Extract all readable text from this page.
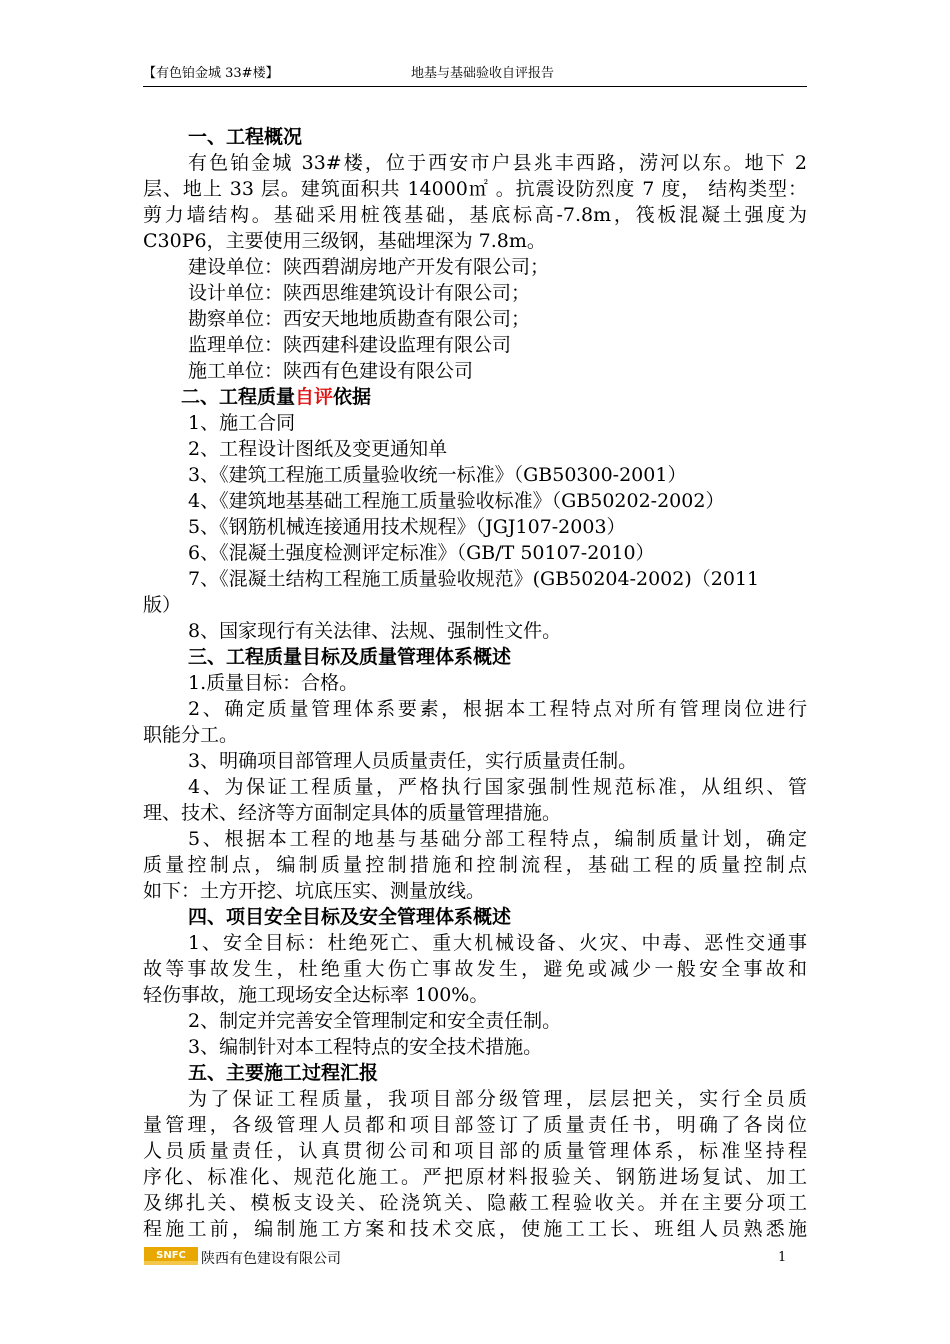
【有色铂金城 33#楼】	地基与基础验收自评报告

一、工程概况

有色铂金城 33#楼，位于西安市户县兆丰西路，涝河以东。地下 2

层、地上 33 层。建筑面积共 14000㎡ 。抗震设防烈度 7 度， 结构类型：

剪力墙结构。基础采用桩筏基础，基底标高-7.8m，筏板混凝土强度为

C30P6，主要使用三级钢，基础埋深为 7.8m。

建设单位：陕西碧湖房地产开发有限公司；

设计单位：陕西思维建筑设计有限公司；

勘察单位：西安天地地质勘查有限公司；

监理单位：陕西建科建设监理有限公司

施工单位：陕西有色建设有限公司

二、工程质量自评依据

1、施工合同

2、工程设计图纸及变更通知单

3、《建筑工程施工质量验收统一标准》（GB50300-2001）

4、《建筑地基基础工程施工质量验收标准》（GB50202-2002）

5、《钢筋机械连接通用技术规程》（JGJ107-2003）

6、《混凝土强度检测评定标准》（GB/T 50107-2010）

7、《混凝土结构工程施工质量验收规范》(GB50204-2002)（2011

版）

8、国家现行有关法律、法规、强制性文件。

三、工程质量目标及质量管理体系概述

1.质量目标：合格。

2、确定质量管理体系要素，根据本工程特点对所有管理岗位进行

职能分工。

3、明确项目部管理人员质量责任，实行质量责任制。

4、为保证工程质量，严格执行国家强制性规范标准，从组织、管

理、技术、经济等方面制定具体的质量管理措施。

5、根据本工程的地基与基础分部工程特点，编制质量计划，确定

质量控制点，编制质量控制措施和控制流程，基础工程的质量控制点

如下：土方开挖、坑底压实、测量放线。

四、项目安全目标及安全管理体系概述

1、安全目标：杜绝死亡、重大机械设备、火灾、中毒、恶性交通事

故等事故发生，杜绝重大伤亡事故发生，避免或减少一般安全事故和

轻伤事故，施工现场安全达标率 100%。

2、制定并完善安全管理制定和安全责任制。

3、编制针对本工程特点的安全技术措施。

五、主要施工过程汇报

为了保证工程质量，我项目部分级管理，层层把关，实行全员质

量管理，各级管理人员都和项目部签订了质量责任书，明确了各岗位

人员质量责任，认真贯彻公司和项目部的质量管理体系，标准坚持程

序化、标准化、规范化施工。严把原材料报验关、钢筋进场复试、加工

及绑扎关、模板支设关、砼浇筑关、隐蔽工程验收关。并在主要分项工

程施工前，编制施工方案和技术交底，使施工工长、班组人员熟悉施

SNFC 陕西有色建设有限公司	1
